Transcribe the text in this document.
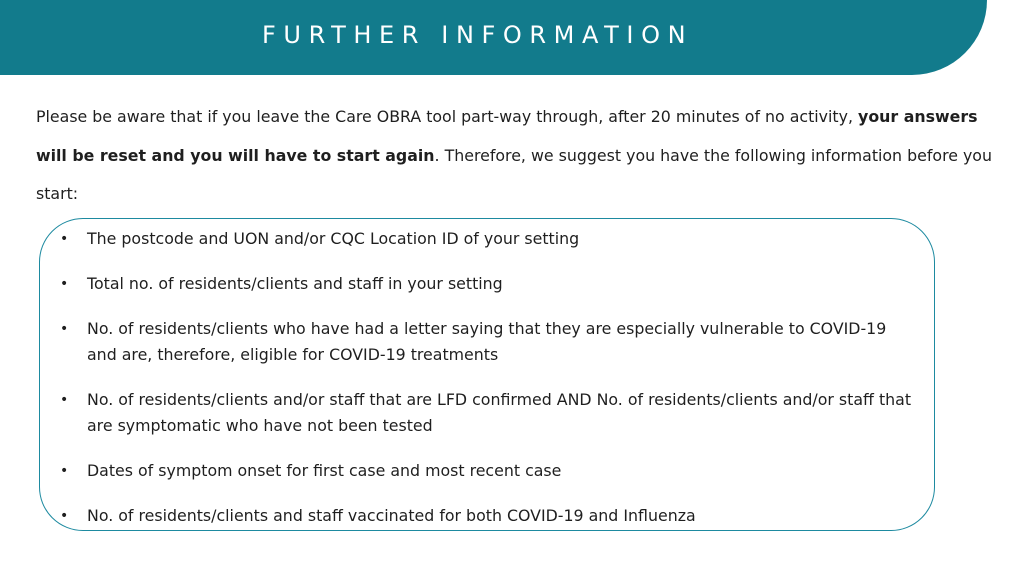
FURTHER INFORMATION

Please be aware that if you leave the Care OBRA tool part-way through, after 20 minutes of no activity, your answers will be reset and you will have to start again. Therefore, we suggest you have the following information before you start:

• The postcode and UON and/or CQC Location ID of your setting
• Total no. of residents/clients and staff in your setting
• No. of residents/clients who have had a letter saying that they are especially vulnerable to COVID-19 and are, therefore, eligible for COVID-19 treatments
• No. of residents/clients and/or staff that are LFD confirmed AND No. of residents/clients and/or staff that are symptomatic who have not been tested
• Dates of symptom onset for first case and most recent case
• No. of residents/clients and staff vaccinated for both COVID-19 and Influenza
